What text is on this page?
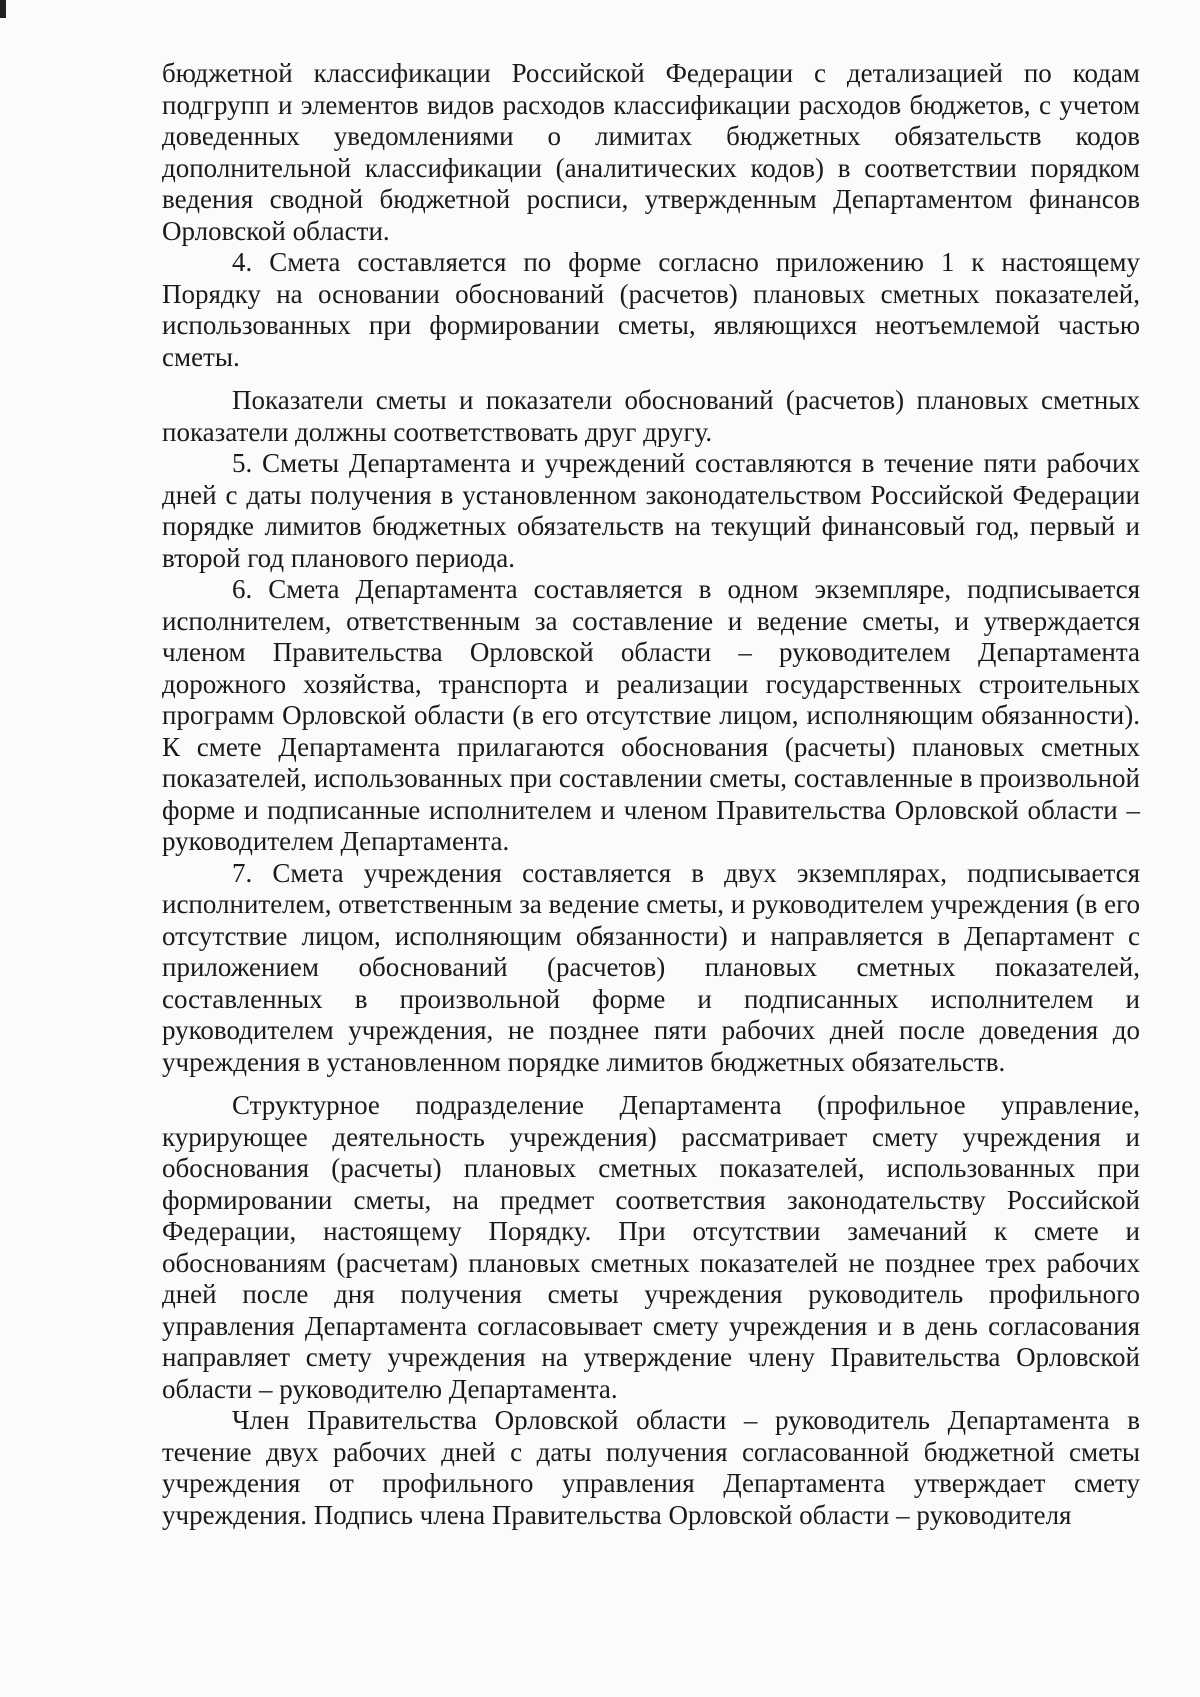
бюджетной классификации Российской Федерации с детализацией по кодам подгрупп и элементов видов расходов классификации расходов бюджетов, с учетом доведенных уведомлениями о лимитах бюджетных обязательств кодов дополнительной классификации (аналитических кодов) в соответствии порядком ведения сводной бюджетной росписи, утвержденным Департаментом финансов Орловской области.

4. Смета составляется по форме согласно приложению 1 к настоящему Порядку на основании обоснований (расчетов) плановых сметных показателей, использованных при формировании сметы, являющихся неотъемлемой частью сметы.

Показатели сметы и показатели обоснований (расчетов) плановых сметных показатели должны соответствовать друг другу.

5. Сметы Департамента и учреждений составляются в течение пяти рабочих дней с даты получения в установленном законодательством Российской Федерации порядке лимитов бюджетных обязательств на текущий финансовый год, первый и второй год планового периода.

6. Смета Департамента составляется в одном экземпляре, подписывается исполнителем, ответственным за составление и ведение сметы, и утверждается членом Правительства Орловской области – руководителем Департамента дорожного хозяйства, транспорта и реализации государственных строительных программ Орловской области (в его отсутствие лицом, исполняющим обязанности). К смете Департамента прилагаются обоснования (расчеты) плановых сметных показателей, использованных при составлении сметы, составленные в произвольной форме и подписанные исполнителем и членом Правительства Орловской области – руководителем Департамента.

7. Смета учреждения составляется в двух экземплярах, подписывается исполнителем, ответственным за ведение сметы, и руководителем учреждения (в его отсутствие лицом, исполняющим обязанности) и направляется в Департамент с приложением обоснований (расчетов) плановых сметных показателей, составленных в произвольной форме и подписанных исполнителем и руководителем учреждения, не позднее пяти рабочих дней после доведения до учреждения в установленном порядке лимитов бюджетных обязательств.

Структурное подразделение Департамента (профильное управление, курирующее деятельность учреждения) рассматривает смету учреждения и обоснования (расчеты) плановых сметных показателей, использованных при формировании сметы, на предмет соответствия законодательству Российской Федерации, настоящему Порядку. При отсутствии замечаний к смете и обоснованиям (расчетам) плановых сметных показателей не позднее трех рабочих дней после дня получения сметы учреждения руководитель профильного управления Департамента согласовывает смету учреждения и в день согласования направляет смету учреждения на утверждение члену Правительства Орловской области – руководителю Департамента.

Член Правительства Орловской области – руководитель Департамента в течение двух рабочих дней с даты получения согласованной бюджетной сметы учреждения от профильного управления Департамента утверждает смету учреждения. Подпись члена Правительства Орловской области – руководителя
